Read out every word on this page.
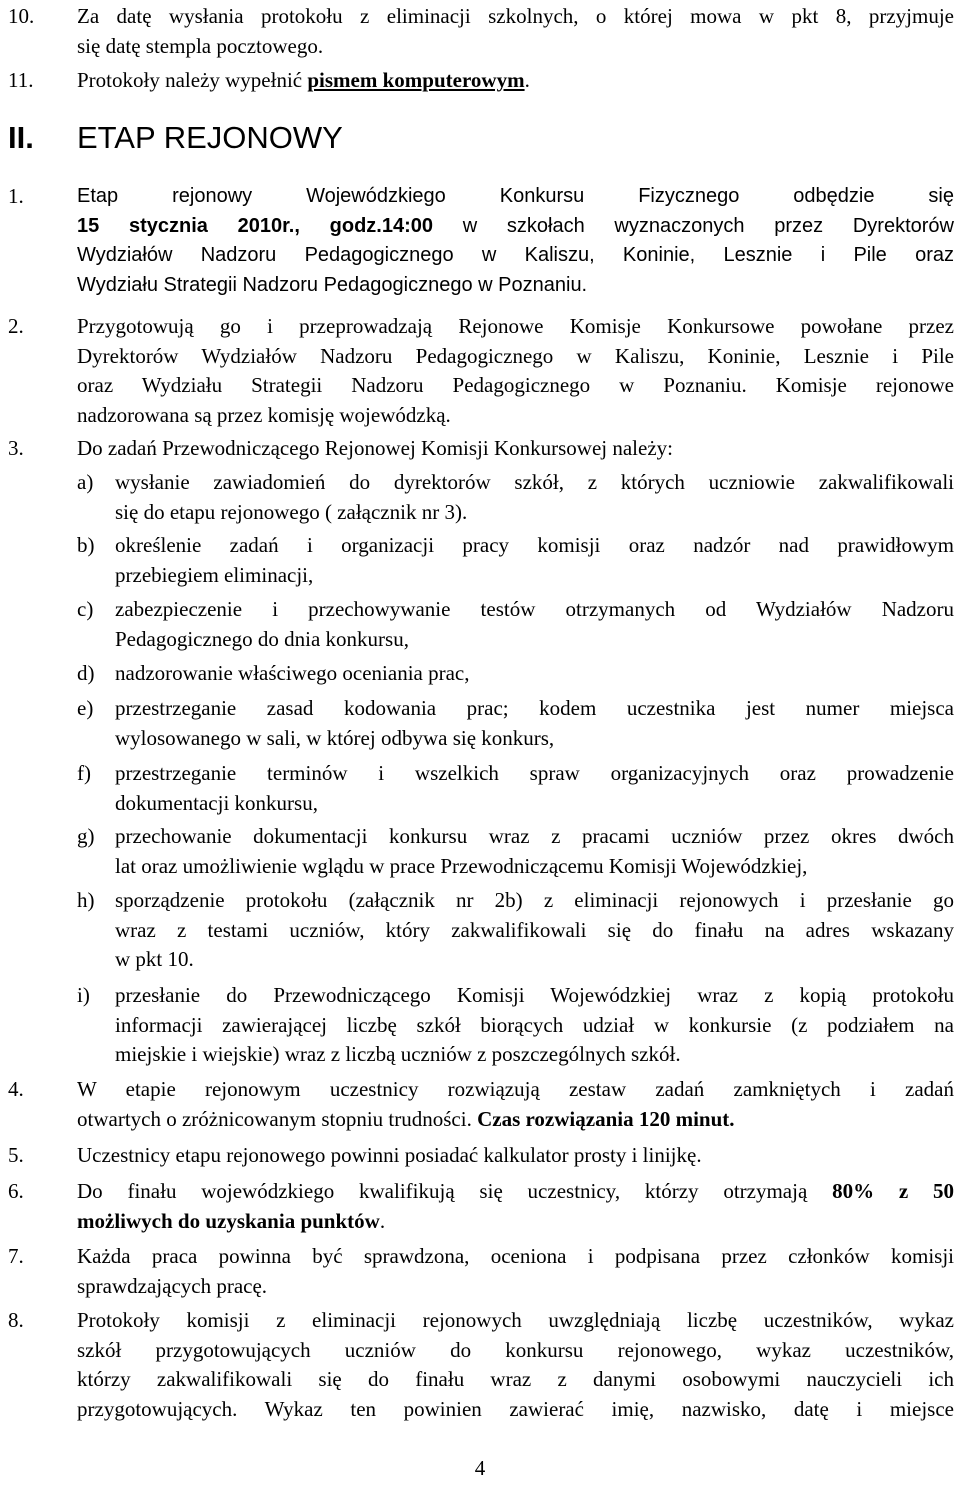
10. Za datę wysłania protokołu z eliminacji szkolnych, o której mowa w pkt 8, przyjmuje
się datę stempla pocztowego.
11. Protokoły należy wypełnić pismem komputerowym.
II. ETAP REJONOWY
1.	Etap rejonowy Wojewódzkiego Konkursu Fizycznego odbędzie się
15 stycznia 2010r., godz.14:00 w szkołach wyznaczonych przez Dyrektorów
Wydziałów Nadzoru Pedagogicznego w Kaliszu, Koninie, Lesznie i Pile oraz
Wydziału Strategii Nadzoru Pedagogicznego w Poznaniu.
2.	Przygotowują go i przeprowadzają Rejonowe Komisje Konkursowe powołane przez
Dyrektorów Wydziałów Nadzoru Pedagogicznego w Kaliszu, Koninie, Lesznie i Pile
oraz Wydziału Strategii Nadzoru Pedagogicznego w Poznaniu. Komisje rejonowe
nadzorowana są przez komisję wojewódzką.
3.	Do zadań Przewodniczącego Rejonowej Komisji Konkursowej należy:
a) wysłanie zawiadomień do dyrektorów szkół, z których uczniowie zakwalifikowali
się do etapu rejonowego ( załącznik nr 3).
b) określenie zadań i organizacji pracy komisji oraz nadzór nad prawidłowym
przebiegiem eliminacji,
c) zabezpieczenie i przechowywanie testów otrzymanych od Wydziałów Nadzoru
Pedagogicznego do dnia konkursu,
d) nadzorowanie właściwego oceniania prac,
e) przestrzeganie zasad kodowania prac; kodem uczestnika jest numer miejsca
wylosowanego w sali, w której odbywa się konkurs,
f) przestrzeganie terminów i wszelkich spraw organizacyjnych oraz prowadzenie
dokumentacji konkursu,
g) przechowanie dokumentacji konkursu wraz z pracami uczniów przez okres dwóch
lat oraz umożliwienie wglądu w prace Przewodniczącemu Komisji Wojewódzkiej,
h) sporządzenie protokołu (załącznik nr 2b) z eliminacji rejonowych i przesłanie go
wraz z testami uczniów, który zakwalifikowali się do finału na adres wskazany
w pkt 10.
i) przesłanie do Przewodniczącego Komisji Wojewódzkiej wraz z kopią protokołu
informacji zawierającej liczbę szkół biorących udział w konkursie (z podziałem na
miejskie i wiejskie) wraz z liczbą uczniów z poszczególnych szkół.
4.	W etapie rejonowym uczestnicy rozwiązują zestaw zadań zamkniętych i zadań
otwartych o zróżnicowanym stopniu trudności. Czas rozwiązania 120 minut.
5.	Uczestnicy etapu rejonowego powinni posiadać kalkulator prosty i linijkę.
6.	Do finału wojewódzkiego kwalifikują się uczestnicy, którzy otrzymają 80% z 50
możliwych do uzyskania punktów.
7.	Każda praca powinna być sprawdzona, oceniona i podpisana przez członków komisji
sprawdzających pracę.
8.	Protokoły komisji z eliminacji rejonowych uwzględniają liczbę uczestników, wykaz
szkół przygotowujących uczniów do konkursu rejonowego, wykaz uczestników,
którzy zakwalifikowali się do finału wraz z danymi osobowymi nauczycieli ich
przygotowujących. Wykaz ten powinien zawierać imię, nazwisko, datę i miejsce
4
